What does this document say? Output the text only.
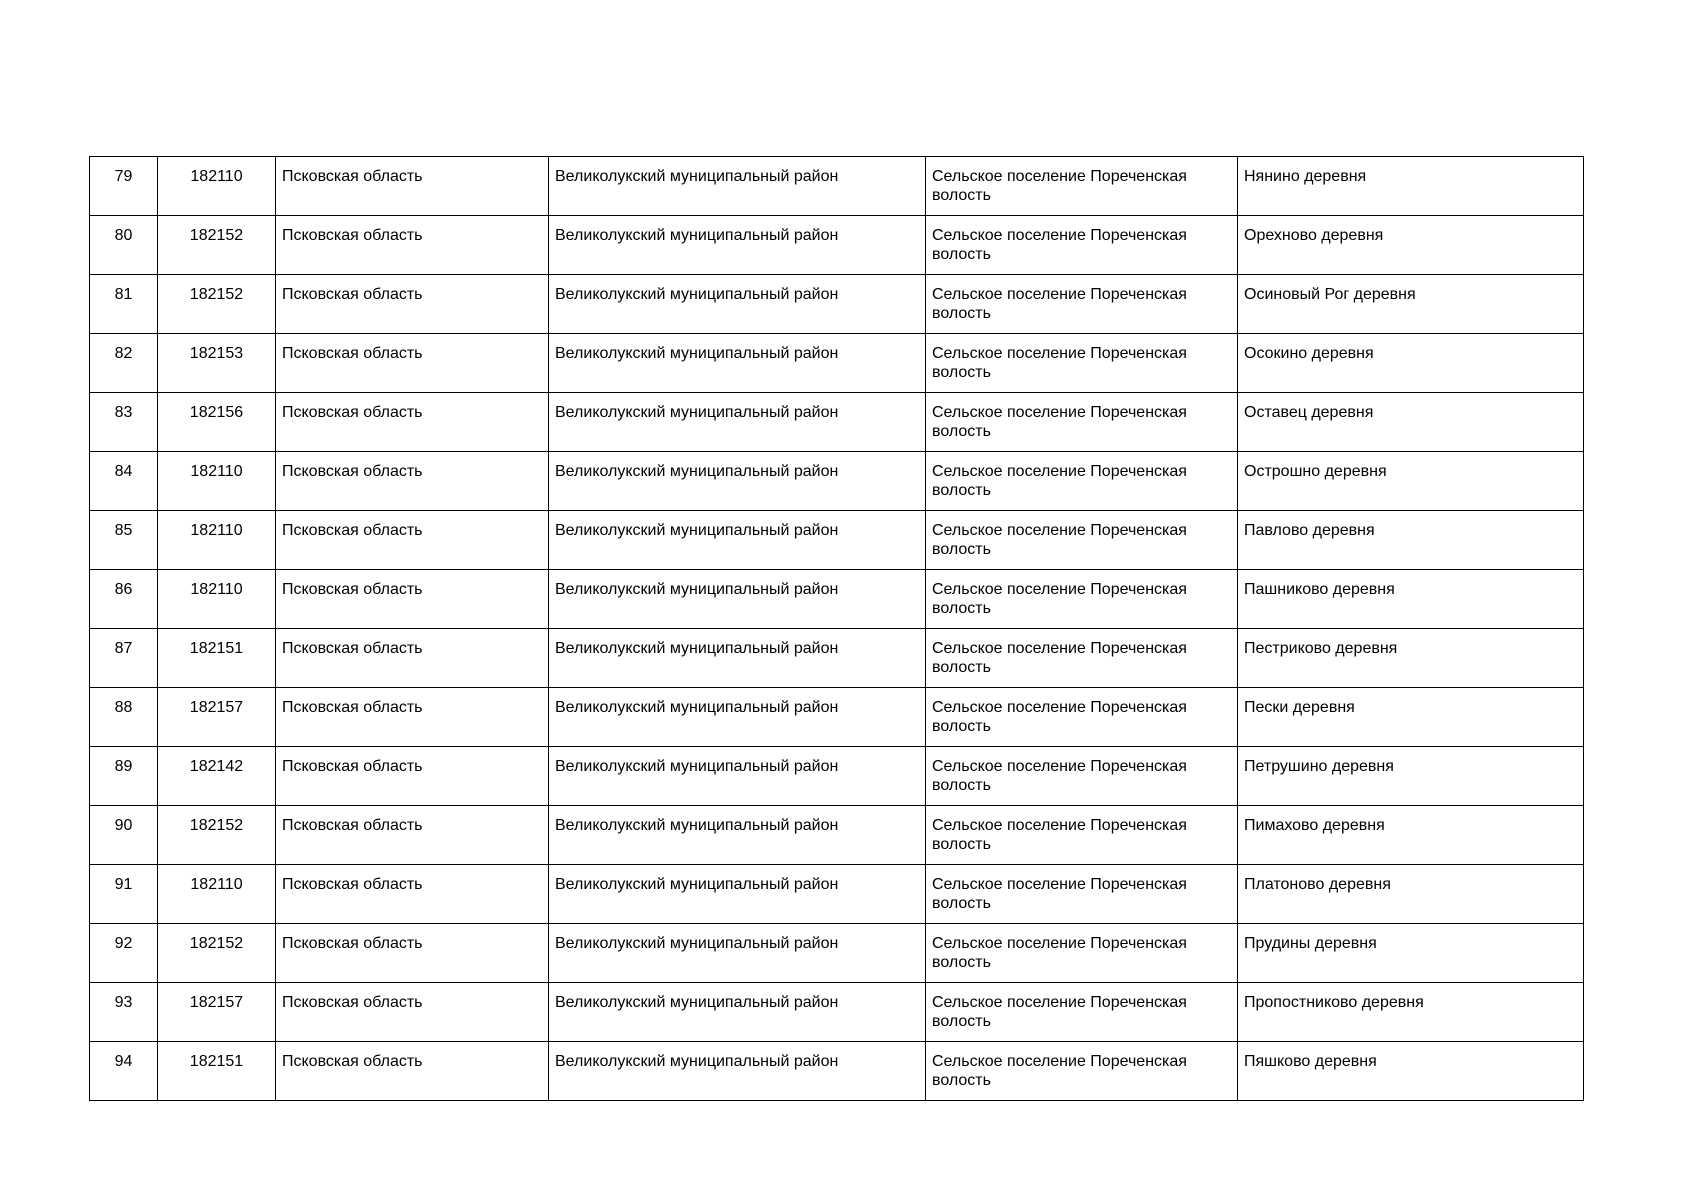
79	182110	Псковская область	Великолукский муниципальный район	Сельское поселение Пореченская волость	Нянино деревня
80	182152	Псковская область	Великолукский муниципальный район	Сельское поселение Пореченская волость	Орехново деревня
81	182152	Псковская область	Великолукский муниципальный район	Сельское поселение Пореченская волость	Осиновый Рог деревня
82	182153	Псковская область	Великолукский муниципальный район	Сельское поселение Пореченская волость	Осокино деревня
83	182156	Псковская область	Великолукский муниципальный район	Сельское поселение Пореченская волость	Оставец деревня
84	182110	Псковская область	Великолукский муниципальный район	Сельское поселение Пореченская волость	Острошно деревня
85	182110	Псковская область	Великолукский муниципальный район	Сельское поселение Пореченская волость	Павлово деревня
86	182110	Псковская область	Великолукский муниципальный район	Сельское поселение Пореченская волость	Пашниково деревня
87	182151	Псковская область	Великолукский муниципальный район	Сельское поселение Пореченская волость	Пестриково деревня
88	182157	Псковская область	Великолукский муниципальный район	Сельское поселение Пореченская волость	Пески деревня
89	182142	Псковская область	Великолукский муниципальный район	Сельское поселение Пореченская волость	Петрушино деревня
90	182152	Псковская область	Великолукский муниципальный район	Сельское поселение Пореченская волость	Пимахово деревня
91	182110	Псковская область	Великолукский муниципальный район	Сельское поселение Пореченская волость	Платоново деревня
92	182152	Псковская область	Великолукский муниципальный район	Сельское поселение Пореченская волость	Прудины деревня
93	182157	Псковская область	Великолукский муниципальный район	Сельское поселение Пореченская волость	Пропостниково деревня
94	182151	Псковская область	Великолукский муниципальный район	Сельское поселение Пореченская волость	Пяшково деревня
